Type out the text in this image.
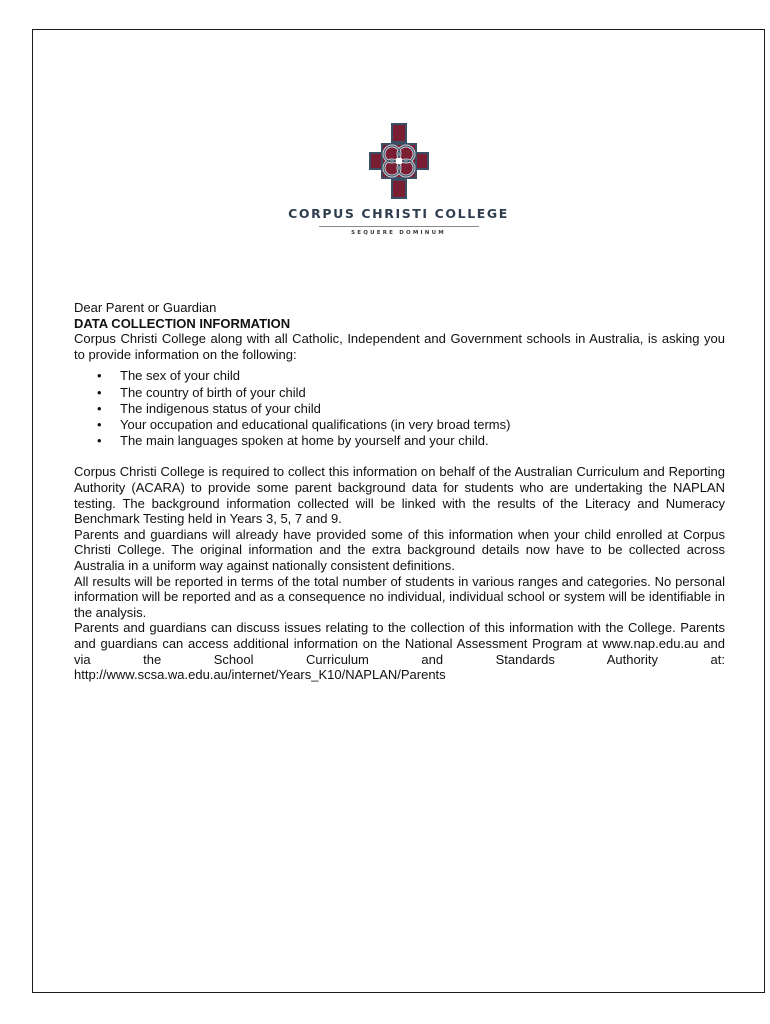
CORPUS CHRISTI COLLEGE
SEQUERE DOMINUM

Dear Parent or Guardian

DATA COLLECTION INFORMATION

Corpus Christi College along with all Catholic, Independent and Government schools in Australia, is asking you to provide information on the following:

• The sex of your child
• The country of birth of your child
• The indigenous status of your child
• Your occupation and educational qualifications (in very broad terms)
• The main languages spoken at home by yourself and your child.

Corpus Christi College is required to collect this information on behalf of the Australian Curriculum and Reporting Authority (ACARA) to provide some parent background data for students who are undertaking the NAPLAN testing. The background information collected will be linked with the results of the Literacy and Numeracy Benchmark Testing held in Years 3, 5, 7 and 9.

Parents and guardians will already have provided some of this information when your child enrolled at Corpus Christi College. The original information and the extra background details now have to be collected across Australia in a uniform way against nationally consistent definitions.

All results will be reported in terms of the total number of students in various ranges and categories. No personal information will be reported and as a consequence no individual, individual school or system will be identifiable in the analysis.

Parents and guardians can discuss issues relating to the collection of this information with the College. Parents and guardians can access additional information on the National Assessment Program at www.nap.edu.au and via the School Curriculum and Standards Authority at: http://www.scsa.wa.edu.au/internet/Years_K10/NAPLAN/Parents
